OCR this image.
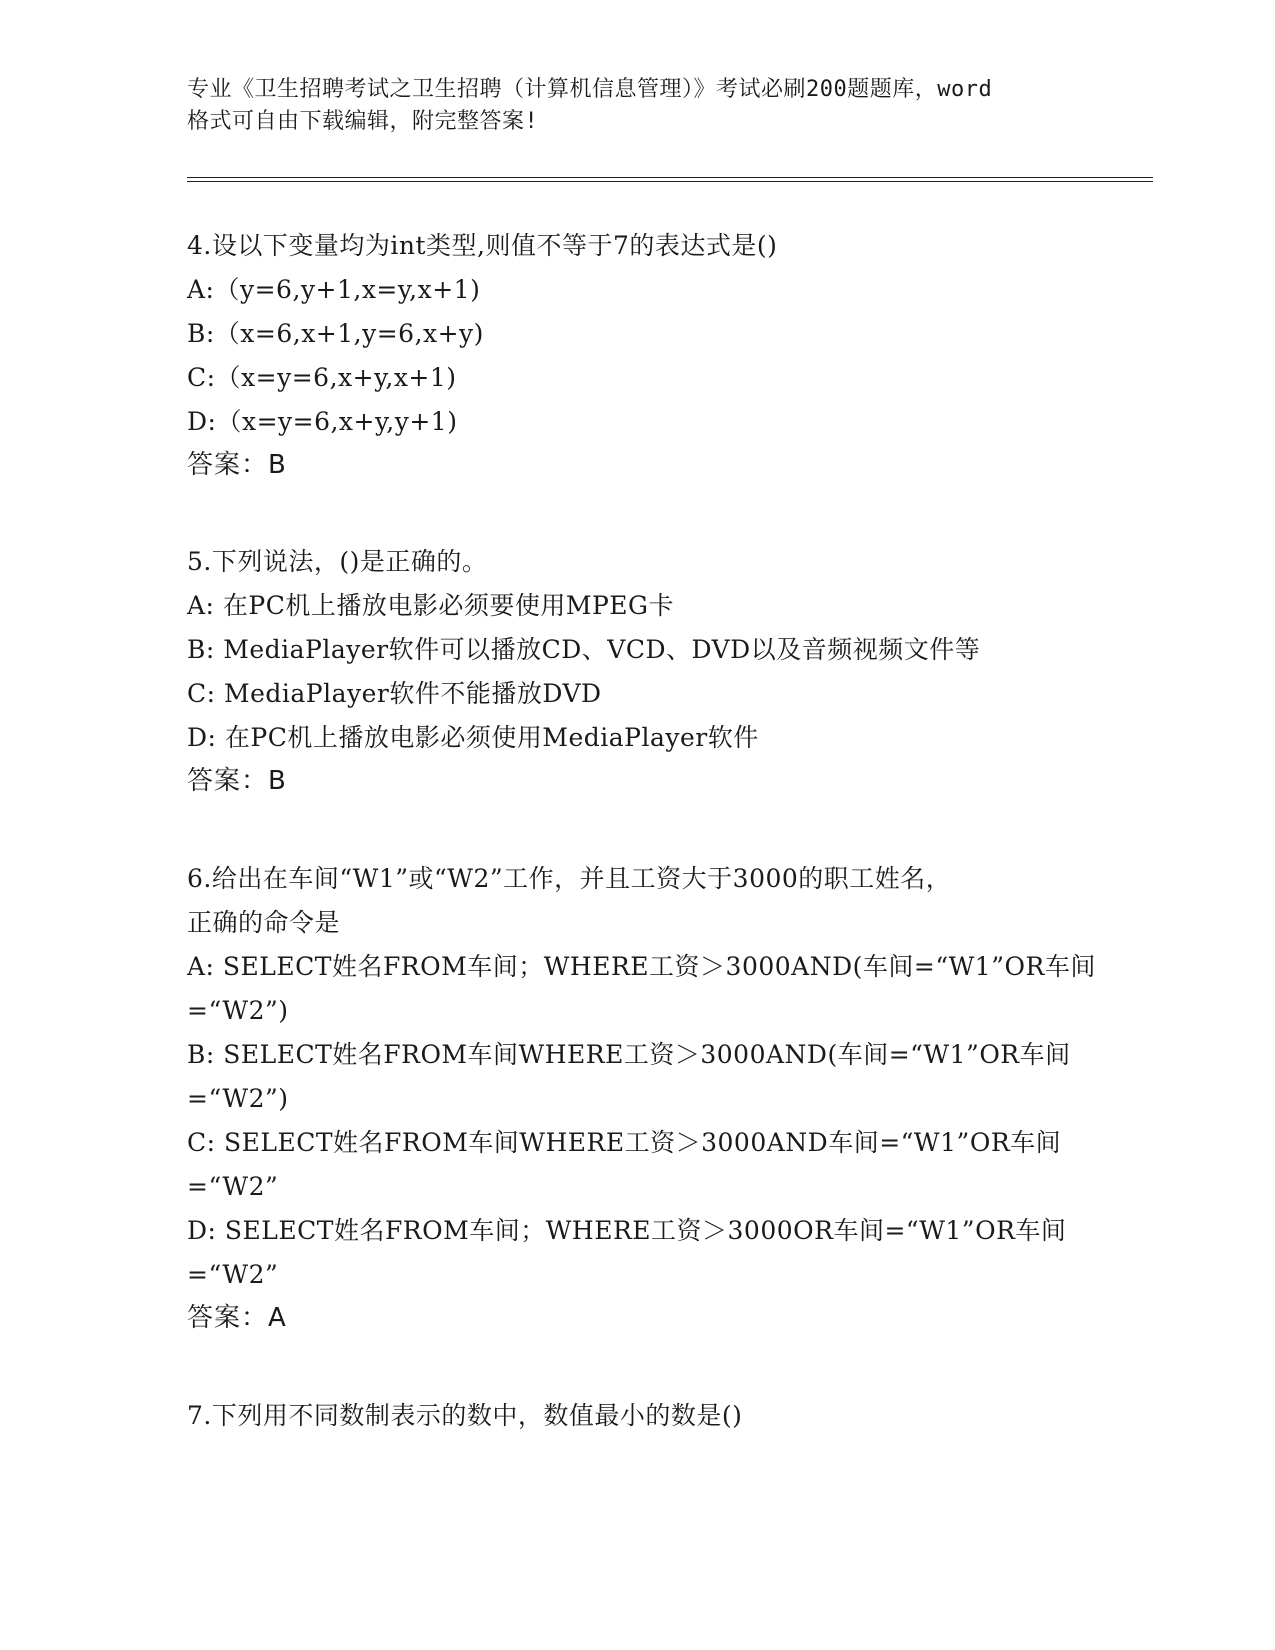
专业《卫生招聘考试之卫生招聘（计算机信息管理）》考试必刷200题题库，word
格式可自由下载编辑，附完整答案!
4.设以下变量均为int类型,则值不等于7的表达式是()
A:（y=6,y+1,x=y,x+1)
B:（x=6,x+1,y=6,x+y)
C:（x=y=6,x+y,x+1)
D:（x=y=6,x+y,y+1)
答案：B
5.下列说法，()是正确的。
A: 在PC机上播放电影必须要使用MPEG卡
B: MediaPlayer软件可以播放CD、VCD、DVD以及音频视频文件等
C: MediaPlayer软件不能播放DVD
D: 在PC机上播放电影必须使用MediaPlayer软件
答案：B
6.给出在车间“W1”或“W2”工作，并且工资大于3000的职工姓名，
正确的命令是
A: SELECT姓名FROM车间；WHERE工资＞3000AND(车间=“W1”OR车间
=“W2”)
B: SELECT姓名FROM车间WHERE工资＞3000AND(车间=“W1”OR车间
=“W2”)
C: SELECT姓名FROM车间WHERE工资＞3000AND车间=“W1”OR车间
=“W2”
D: SELECT姓名FROM车间；WHERE工资＞3000OR车间=“W1”OR车间
=“W2”
答案：A
7.下列用不同数制表示的数中，数值最小的数是()
